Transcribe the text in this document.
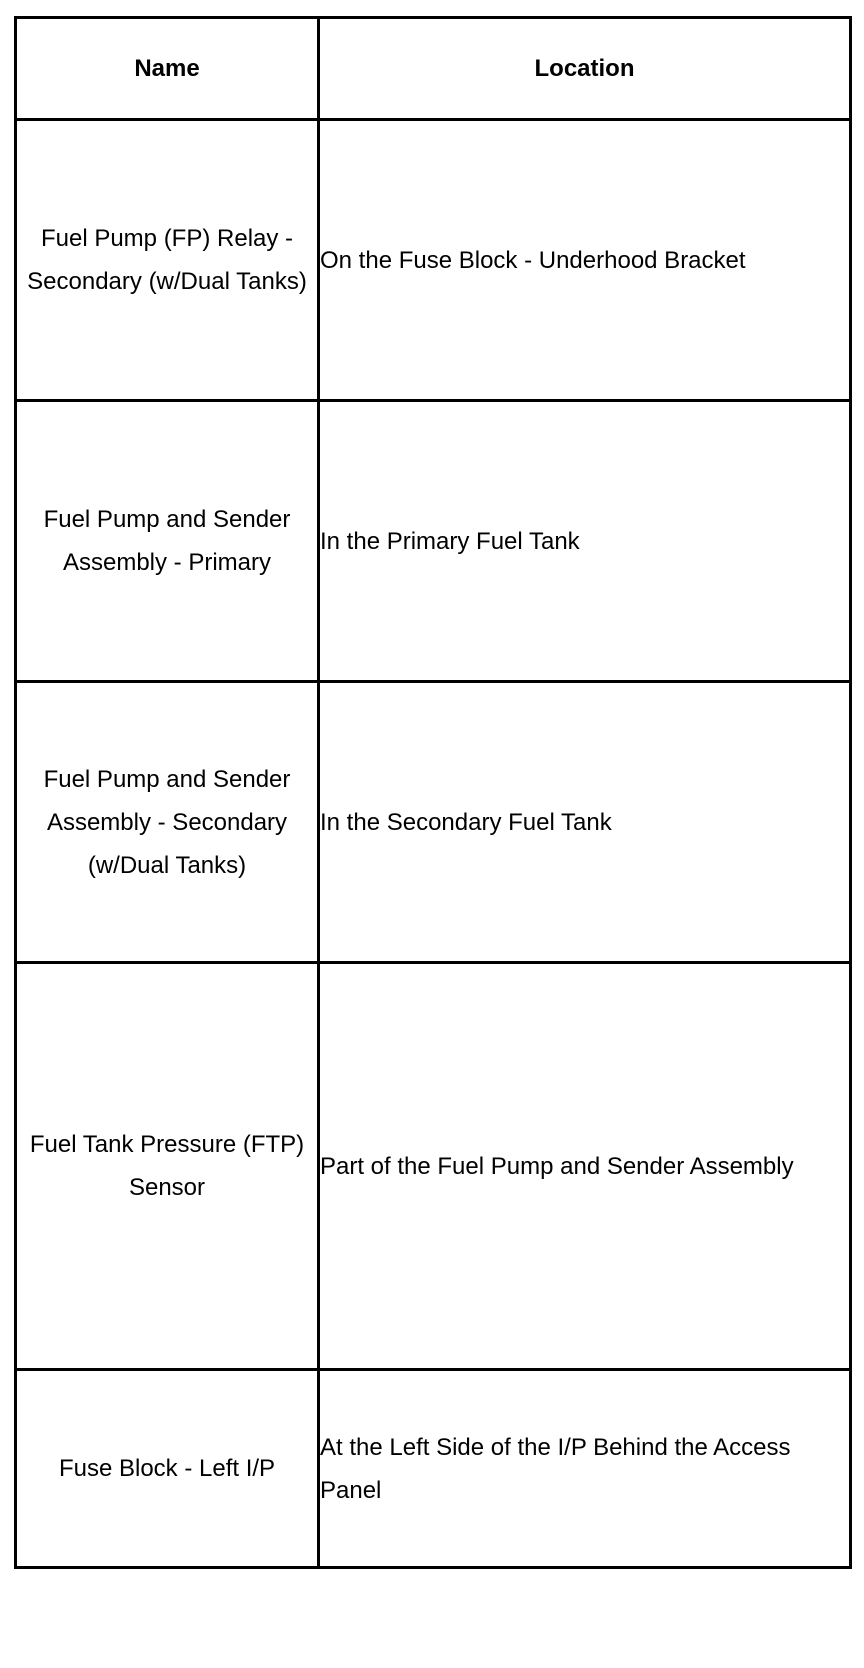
Name	Location
Fuel Pump (FP) Relay - Secondary (w/Dual Tanks)	On the Fuse Block - Underhood Bracket
Fuel Pump and Sender Assembly - Primary	In the Primary Fuel Tank
Fuel Pump and Sender Assembly - Secondary (w/Dual Tanks)	In the Secondary Fuel Tank
Fuel Tank Pressure (FTP) Sensor	Part of the Fuel Pump and Sender Assembly
Fuse Block - Left I/P	At the Left Side of the I/P Behind the Access Panel
